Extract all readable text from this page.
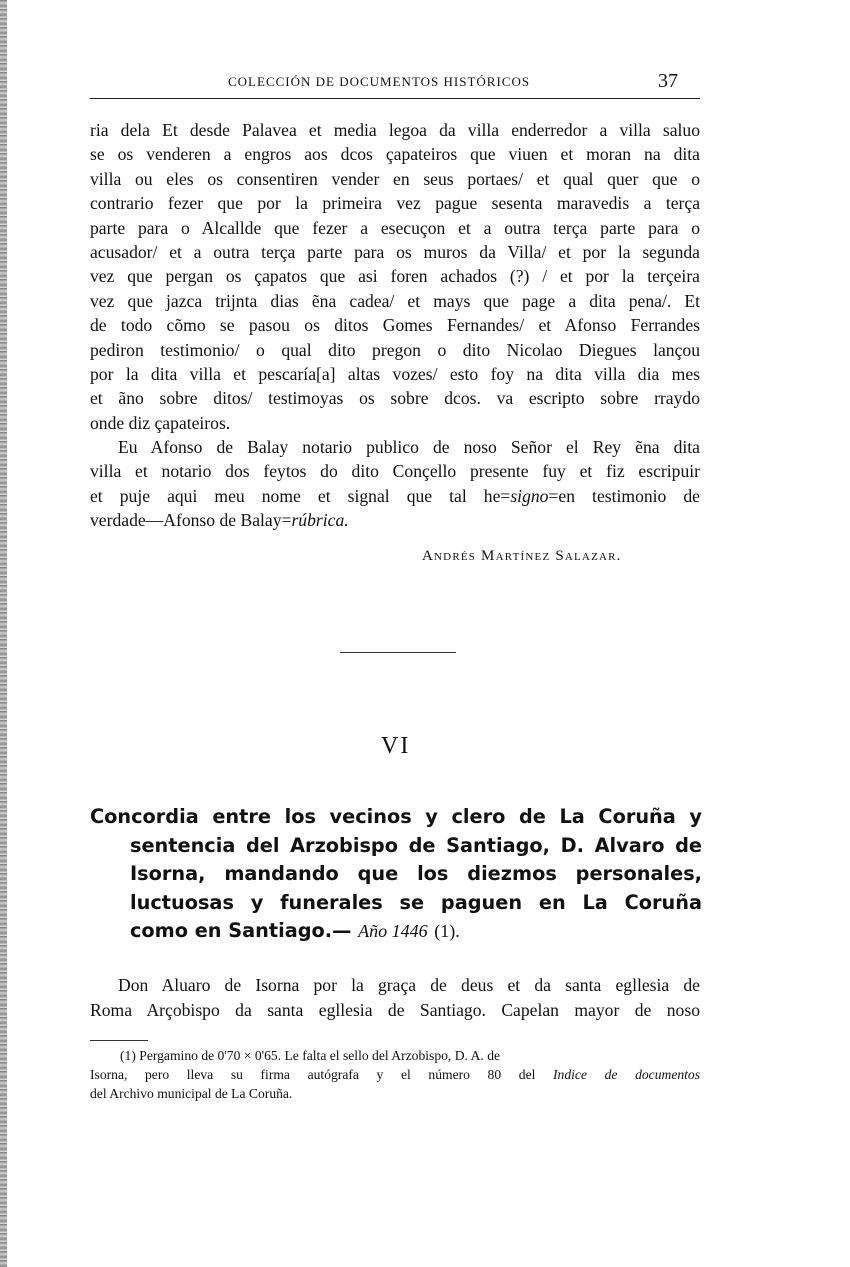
COLECCIÓN DE DOCUMENTOS HISTÓRICOS	37
ria dela Et desde Palavea et media legoa da villa enderredor a villa saluo
se os venderen a engros aos dcos çapateiros que viuen et moran na dita
villa ou eles os consentiren vender en seus portaes/ et qual quer que o
contrario fezer que por la primeira vez pague sesenta maravedis a terça
parte para o Alcallde que fezer a esecuçon et a outra terça parte para o
acusador/ et a outra terça parte para os muros da Villa/ et por la segunda
vez que pergan os çapatos que asi foren achados (?) / et por la terçeira
vez que jazca trijnta dias ẽna cadea/ et mays que page a dita pena/. Et
de todo cõmo se pasou os ditos Gomes Fernandes/ et Afonso Ferrandes
pediron testimonio/ o qual dito pregon o dito Nicolao Diegues lançou
por la dita villa et pescaría[a] altas vozes/ esto foy na dita villa dia mes
et ãno sobre ditos/ testimoyas os sobre dcos. va escripto sobre rraydo
onde diz çapateiros.
Eu Afonso de Balay notario publico de noso Señor el Rey ẽna dita
villa et notario dos feytos do dito Conçello presente fuy et fiz escripuir
et puje aqui meu nome et signal que tal he=signo=en testimonio de
verdade—Afonso de Balay=rúbrica.
Andrés Martínez Salazar.
VI
Concordia entre los vecinos y clero de La Coruña y
sentencia del Arzobispo de Santiago, D. Alvaro de
Isorna, mandando que los diezmos personales,
luctuosas y funerales se paguen en La Coruña
como en Santiago.— Año 1446 (1).
Don Aluaro de Isorna por la graça de deus et da santa egllesia de
Roma Arçobispo da santa egllesia de Santiago. Capelan mayor de noso
(1) Pergamino de 0'70 × 0'65. Le falta el sello del Arzobispo, D. A. de
Isorna, pero lleva su firma autógrafa y el número 80 del Indice de documentos
del Archivo municipal de La Coruña.
